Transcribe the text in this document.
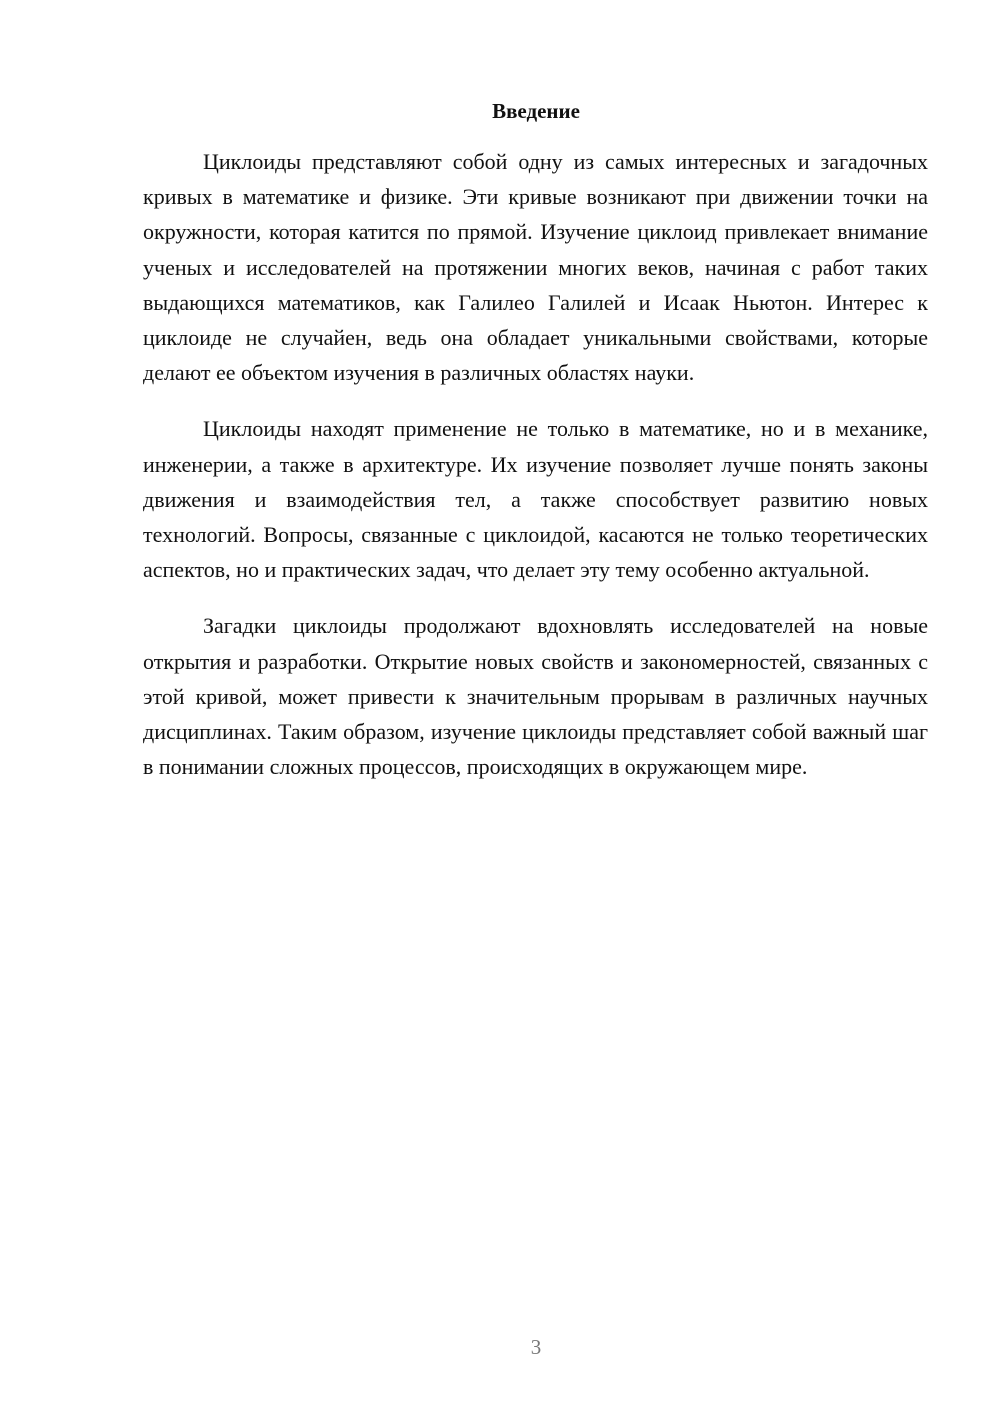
Введение

Циклоиды представляют собой одну из самых интересных и загадочных кривых в математике и физике. Эти кривые возникают при движении точки на окружности, которая катится по прямой. Изучение циклоид привлекает внимание ученых и исследователей на протяжении многих веков, начиная с работ таких выдающихся математиков, как Галилео Галилей и Исаак Ньютон. Интерес к циклоиде не случайен, ведь она обладает уникальными свойствами, которые делают ее объектом изучения в различных областях науки.

Циклоиды находят применение не только в математике, но и в механике, инженерии, а также в архитектуре. Их изучение позволяет лучше понять законы движения и взаимодействия тел, а также способствует развитию новых технологий. Вопросы, связанные с циклоидой, касаются не только теоретических аспектов, но и практических задач, что делает эту тему особенно актуальной.

Загадки циклоиды продолжают вдохновлять исследователей на новые открытия и разработки. Открытие новых свойств и закономерностей, связанных с этой кривой, может привести к значительным прорывам в различных научных дисциплинах. Таким образом, изучение циклоиды представляет собой важный шаг в понимании сложных процессов, происходящих в окружающем мире.

3
